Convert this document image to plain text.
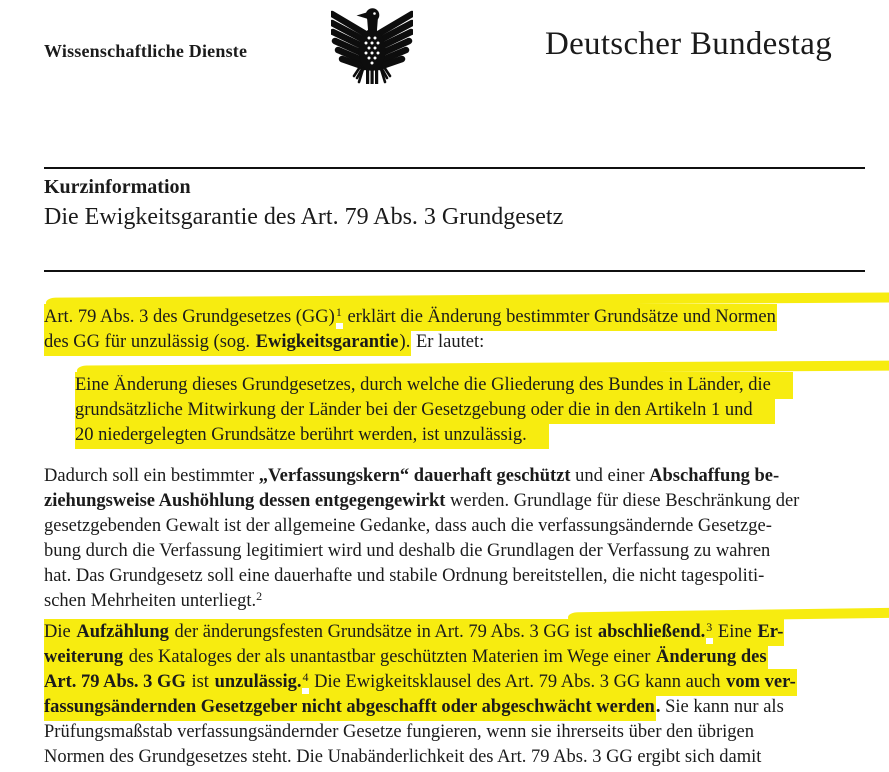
Wissenschaftliche Dienste	Deutscher Bundestag
Kurzinformation
Die Ewigkeitsgarantie des Art. 79 Abs. 3 Grundgesetz
Art. 79 Abs. 3 des Grundgesetzes (GG)$^1$ erklärt die Änderung bestimmter Grundsätze und Normen
des GG für unzulässig (sog. Ewigkeitsgarantie). Er lautet:
Eine Änderung dieses Grundgesetzes, durch welche die Gliederung des Bundes in Länder, die
grundsätzliche Mitwirkung der Länder bei der Gesetzgebung oder die in den Artikeln 1 und
20 niedergelegten Grundsätze berührt werden, ist unzulässig.
Dadurch soll ein bestimmter „Verfassungskern“ dauerhaft geschützt und einer Abschaffung be-
ziehungsweise Aushöhlung dessen entgegengewirkt werden. Grundlage für diese Beschränkung der
gesetzgebenden Gewalt ist der allgemeine Gedanke, dass auch die verfassungsändernde Gesetzge-
bung durch die Verfassung legitimiert wird und deshalb die Grundlagen der Verfassung zu wahren
hat. Das Grundgesetz soll eine dauerhafte und stabile Ordnung bereitstellen, die nicht tagespoliti-
schen Mehrheiten unterliegt.$^2$
Die Aufzählung der änderungsfesten Grundsätze in Art. 79 Abs. 3 GG ist abschließend.$^3$ Eine Er-
weiterung des Kataloges der als unantastbar geschützten Materien im Wege einer Änderung des
Art. 79 Abs. 3 GG ist unzulässig.$^4$ Die Ewigkeitsklausel des Art. 79 Abs. 3 GG kann auch vom ver-
fassungsändernden Gesetzgeber nicht abgeschafft oder abgeschwächt werden. Sie kann nur als
Prüfungsmaßstab verfassungsändernder Gesetze fungieren, wenn sie ihrerseits über den übrigen
Normen des Grundgesetzes steht. Die Unabänderlichkeit des Art. 79 Abs. 3 GG ergibt sich damit
